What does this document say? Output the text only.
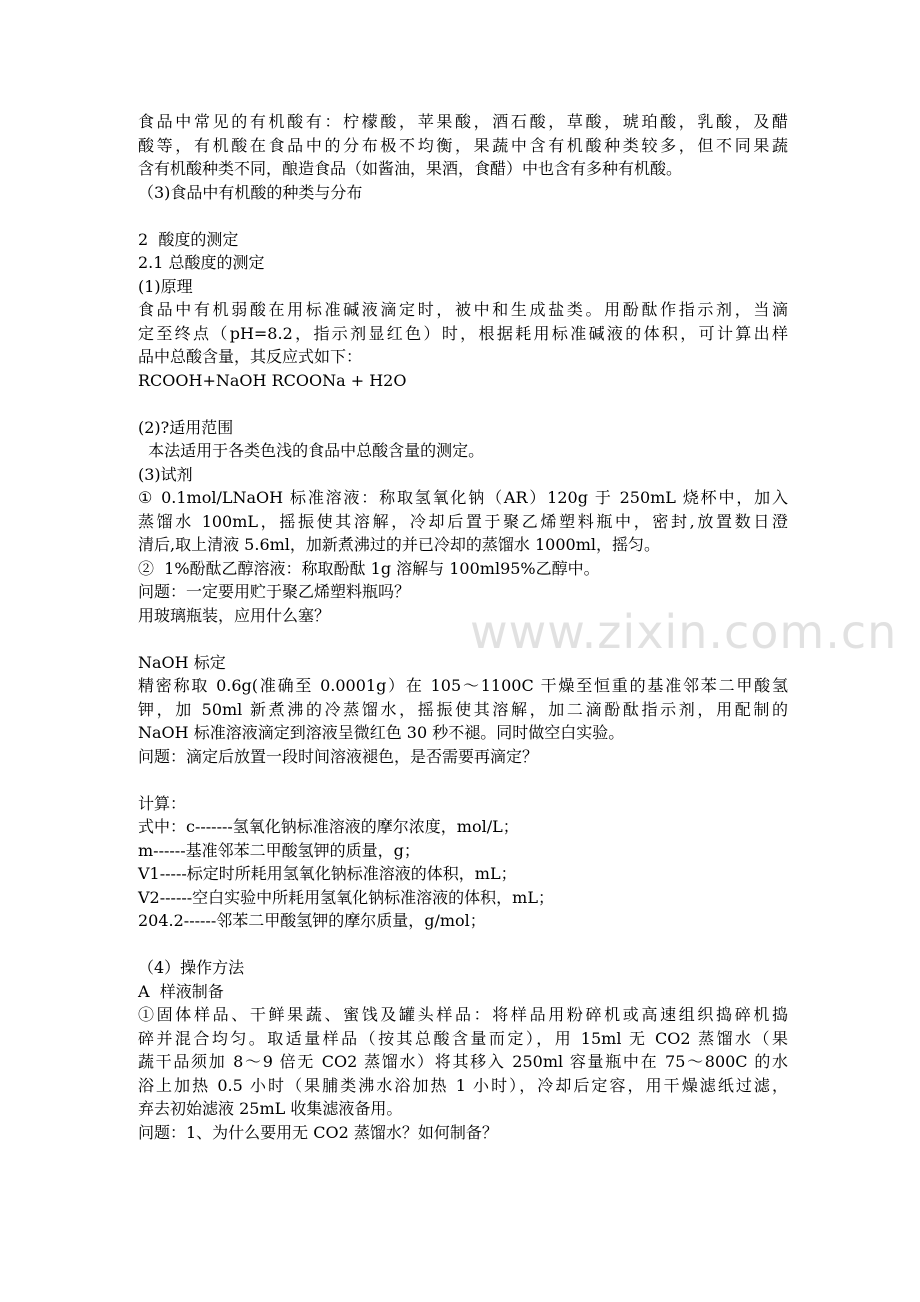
食品中常见的有机酸有：柠檬酸，苹果酸，酒石酸，草酸，琥珀酸，乳酸，及醋
酸等，有机酸在食品中的分布极不均衡，果蔬中含有机酸种类较多，但不同果蔬
含有机酸种类不同，酿造食品（如酱油，果酒，食醋）中也含有多种有机酸。
（3)食品中有机酸的种类与分布
2  酸度的测定
2.1 总酸度的测定
(1)原理
食品中有机弱酸在用标准碱液滴定时，被中和生成盐类。用酚酞作指示剂，当滴
定至终点（pH=8.2，指示剂显红色）时，根据耗用标准碱液的体积，可计算出样
品中总酸含量，其反应式如下：
RCOOH+NaOH RCOONa + H2O
(2)?适用范围
本法适用于各类色浅的食品中总酸含量的测定。
(3)试剂
① 0.1mol/LNaOH 标准溶液：称取氢氧化钠（AR）120g 于 250mL 烧杯中，加入
蒸馏水 100mL，摇振使其溶解，冷却后置于聚乙烯塑料瓶中，密封,放置数日澄
清后,取上清液 5.6ml，加新煮沸过的并已冷却的蒸馏水 1000ml，摇匀。
②  1%酚酞乙醇溶液：称取酚酞 1g 溶解与 100ml95%乙醇中。
问题：一定要用贮于聚乙烯塑料瓶吗？
用玻璃瓶装，应用什么塞？
NaOH 标定
精密称取 0.6g(准确至 0.0001g）在 105～1100C 干燥至恒重的基准邻苯二甲酸氢
钾，加 50ml 新煮沸的冷蒸馏水，摇振使其溶解，加二滴酚酞指示剂，用配制的
NaOH 标准溶液滴定到溶液呈微红色 30 秒不褪。同时做空白实验。
问题：滴定后放置一段时间溶液褪色，是否需要再滴定？
计算：
式中：c-------氢氧化钠标准溶液的摩尔浓度，mol/L；
m------基准邻苯二甲酸氢钾的质量，g；
V1-----标定时所耗用氢氧化钠标准溶液的体积，mL；
V2------空白实验中所耗用氢氧化钠标准溶液的体积，mL；
204.2------邻苯二甲酸氢钾的摩尔质量，g/mol；
（4）操作方法
A  样液制备
①固体样品、干鲜果蔬、蜜饯及罐头样品：将样品用粉碎机或高速组织捣碎机捣
碎并混合均匀。取适量样品（按其总酸含量而定），用 15ml 无 CO2 蒸馏水（果
蔬干品须加 8～9 倍无 CO2 蒸馏水）将其移入 250ml 容量瓶中在 75～800C 的水
浴上加热 0.5 小时（果脯类沸水浴加热 1 小时），冷却后定容，用干燥滤纸过滤，
弃去初始滤液 25mL 收集滤液备用。
问题：1、为什么要用无 CO2 蒸馏水？如何制备？
www.zixin.com.cn
